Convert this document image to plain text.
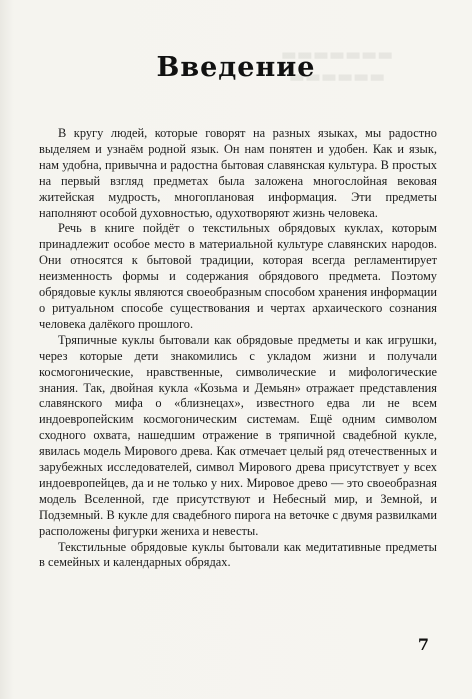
▬▬▬▬▬▬▬
▬▬▬▬▬▬
Введение

В кругу людей, которые говорят на разных языках, мы радостно выделяем и узнаём родной язык. Он нам понятен и удобен. Как и язык, нам удобна, привычна и радостна бытовая славянская культура. В простых на первый взгляд предметах была заложена многослойная вековая житейская мудрость, многоплановая информация. Эти предметы наполняют особой духовностью, одухотворяют жизнь человека.

Речь в книге пойдёт о текстильных обрядовых куклах, которым принадлежит особое место в материальной культуре славянских народов. Они относятся к бытовой традиции, которая всегда регламентирует неизменность формы и содержания обрядового предмета. Поэтому обрядовые куклы являются своеобразным способом хранения информации о ритуальном способе существования и чертах архаического сознания человека далёкого прошлого.

Тряпичные куклы бытовали как обрядовые предметы и как игрушки, через которые дети знакомились с укладом жизни и получали космогонические, нравственные, символические и мифологические знания. Так, двойная кукла «Козьма и Демьян» отражает представления славянского мифа о «близнецах», известного едва ли не всем индоевропейским космогоническим системам. Ещё одним символом сходного охвата, нашедшим отражение в тряпичной свадебной кукле, явилась модель Мирового древа. Как отмечает целый ряд отечественных и зарубежных исследователей, символ Мирового древа присутствует у всех индоевропейцев, да и не только у них. Мировое древо — это своеобразная модель Вселенной, где присутствуют и Небесный мир, и Земной, и Подземный. В кукле для свадебного пирога на веточке с двумя развилками расположены фигурки жениха и невесты.

Текстильные обрядовые куклы бытовали как медитативные предметы в семейных и календарных обрядах.

7
